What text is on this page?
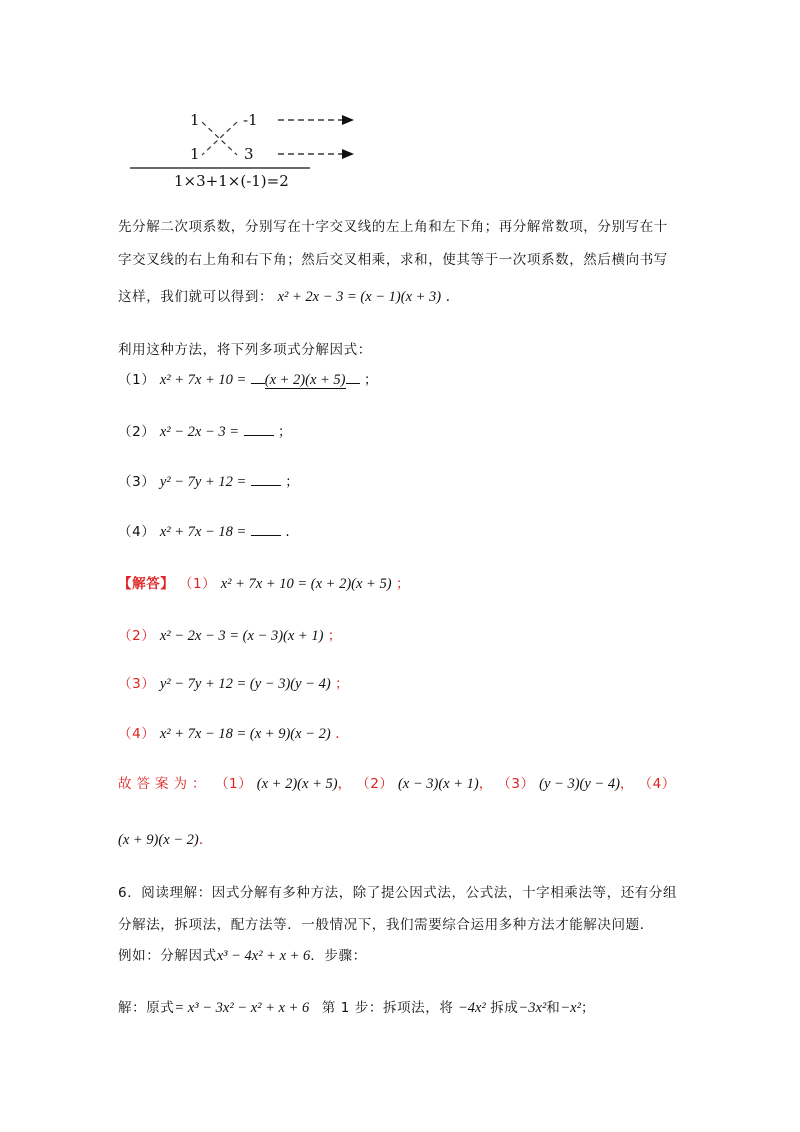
1	-1
1	3
1×3+1×(-1)=2
先分解二次项系数，分别写在十字交叉线的左上角和左下角；再分解常数项，分别写在十
字交叉线的右上角和右下角；然后交叉相乘，求和，使其等于一次项系数，然后横向书写
这样，我们就可以得到： x² + 2x − 3 = (x − 1)(x + 3) .
利用这种方法，将下列多项式分解因式：
（1） x² + 7x + 10 = (x + 2)(x + 5) ；
（2） x² − 2x − 3 =	；
（3） y² − 7y + 12 =	；
（4） x² + 7x − 18 =	.
【解答】 （1） x² + 7x + 10 = (x + 2)(x + 5) ；
（2） x² − 2x − 3 = (x − 3)(x + 1) ；
（3） y² − 7y + 12 = (y − 3)(y − 4) ；
（4） x² + 7x − 18 = (x + 9)(x − 2) .
故答案为： （1） (x + 2)(x + 5)， （2） (x − 3)(x + 1)， （3） (y − 3)(y − 4)， （4）
(x + 9)(x − 2).
6．阅读理解：因式分解有多种方法，除了提公因式法，公式法，十字相乘法等，还有分组
分解法，拆项法，配方法等．一般情况下，我们需要综合运用多种方法才能解决问题．
例如：分解因式x³ − 4x² + x + 6．步骤：
解：原式= x³ − 3x² − x² + x + 6 第 1 步：拆项法，将 −4x² 拆成−3x²和−x²；
